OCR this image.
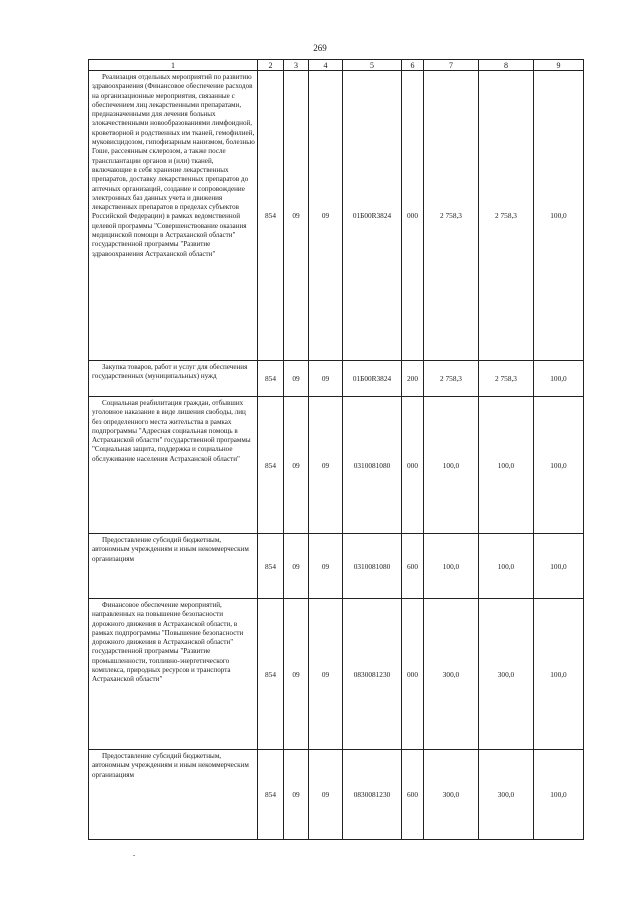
269
1	2	3	4	5	6	7	8	9

Реализация отдельных мероприятий по развитию здравоохранения (Финансовое обеспечение расходов на организационные мероприятия, связанные с обеспечением лиц лекарственными препаратами, предназначенными для лечения больных злокачественными новообразованиями лимфоидной, кроветворной и родственных им тканей, гемофилией, муковисцидозом, гипофизарным нанизмом, болезнью Гоше, рассеянным склерозом, а также после трансплантации органов и (или) тканей, включающие в себя хранение лекарственных препаратов, доставку лекарственных препаратов до аптечных организаций, создание и сопровождение электронных баз данных учета и движения лекарственных препаратов в пределах субъектов Российской Федерации) в рамках ведомственной целевой программы "Совершенствование оказания медицинской помощи в Астраханской области" государственной программы "Развитие здравоохранения Астраханской области"	854	09	09	01Б00R3824	000	2 758,3	2 758,3	100,0

Закупка товаров, работ и услуг для обеспечения государственных (муниципальных) нужд	854	09	09	01Б00R3824	200	2 758,3	2 758,3	100,0

Социальная реабилитация граждан, отбывших уголовное наказание в виде лишения свободы, лиц без определенного места жительства в рамках подпрограммы "Адресная социальная помощь в Астраханской области" государственной программы "Социальная защита, поддержка и социальное обслуживание населения Астраханской области"	854	09	09	0310081080	000	100,0	100,0	100,0

Предоставление субсидий бюджетным, автономным учреждениям и иным некоммерческим организациям	854	09	09	0310081080	600	100,0	100,0	100,0

Финансовое обеспечение мероприятий, направленных на повышение безопасности дорожного движения в Астраханской области, в рамках подпрограммы "Повышение безопасности дорожного движения в Астраханской области" государственной программы "Развитие промышленности, топливно-энергетического комплекса, природных ресурсов и транспорта Астраханской области"	854	09	09	0830081230	000	300,0	300,0	100,0

Предоставление субсидий бюджетным, автономным учреждениям и иным некоммерческим организациям	854	09	09	0830081230	600	300,0	300,0	100,0
